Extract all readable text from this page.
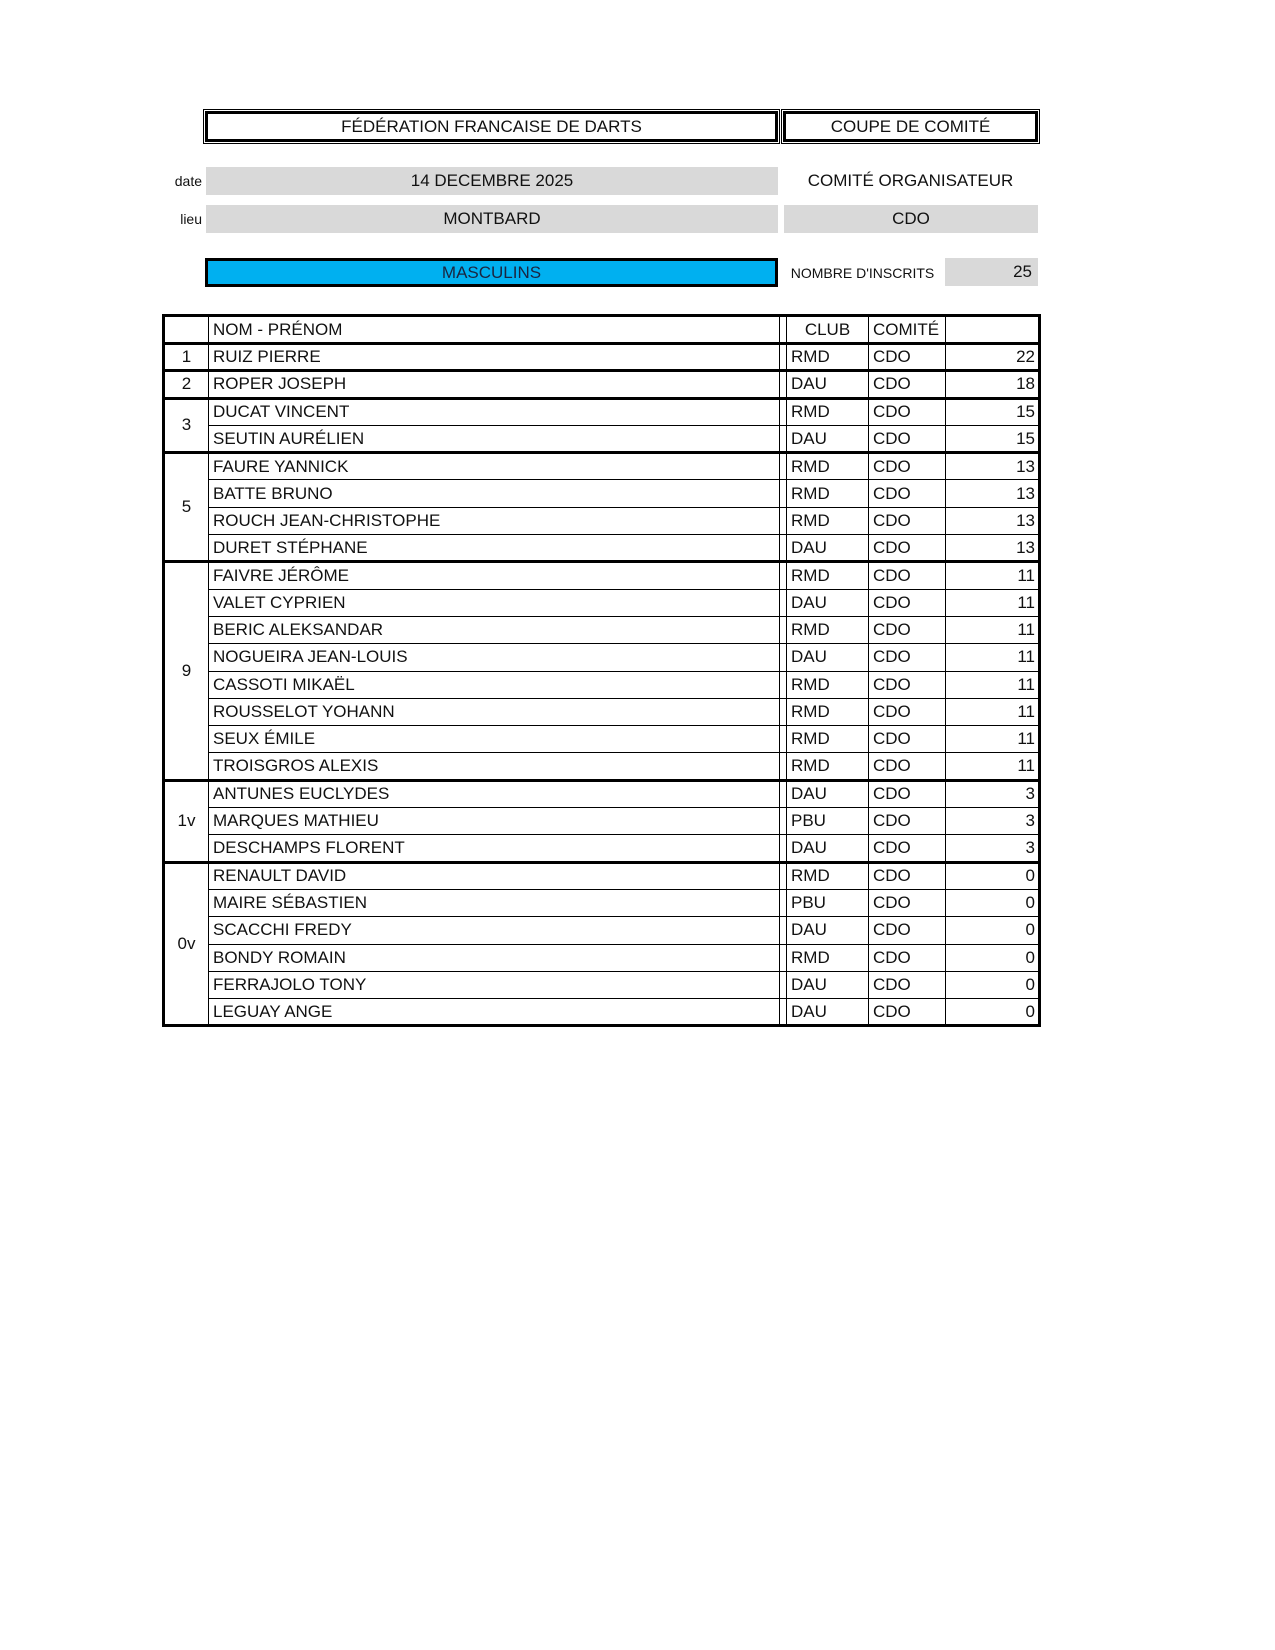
FÉDÉRATION FRANCAISE DE DARTS	COUPE DE COMITÉ
date	14 DECEMBRE 2025	COMITÉ ORGANISATEUR
lieu	MONTBARD	CDO
MASCULINS	NOMBRE D'INSCRITS	25
	NOM - PRÉNOM		CLUB	COMITÉ	
1	RUIZ PIERRE		RMD	CDO	22
2	ROPER JOSEPH		DAU	CDO	18
3	DUCAT VINCENT		RMD	CDO	15
	SEUTIN AURÉLIEN		DAU	CDO	15
5	FAURE YANNICK		RMD	CDO	13
	BATTE BRUNO		RMD	CDO	13
	ROUCH JEAN-CHRISTOPHE		RMD	CDO	13
	DURET STÉPHANE		DAU	CDO	13
9	FAIVRE JÉRÔME		RMD	CDO	11
	VALET CYPRIEN		DAU	CDO	11
	BERIC ALEKSANDAR		RMD	CDO	11
	NOGUEIRA JEAN-LOUIS		DAU	CDO	11
	CASSOTI MIKAËL		RMD	CDO	11
	ROUSSELOT YOHANN		RMD	CDO	11
	SEUX ÉMILE		RMD	CDO	11
	TROISGROS ALEXIS		RMD	CDO	11
1v	ANTUNES EUCLYDES		DAU	CDO	3
	MARQUES MATHIEU		PBU	CDO	3
	DESCHAMPS FLORENT		DAU	CDO	3
0v	RENAULT DAVID		RMD	CDO	0
	MAIRE SÉBASTIEN		PBU	CDO	0
	SCACCHI FREDY		DAU	CDO	0
	BONDY ROMAIN		RMD	CDO	0
	FERRAJOLO TONY		DAU	CDO	0
	LEGUAY ANGE		DAU	CDO	0
